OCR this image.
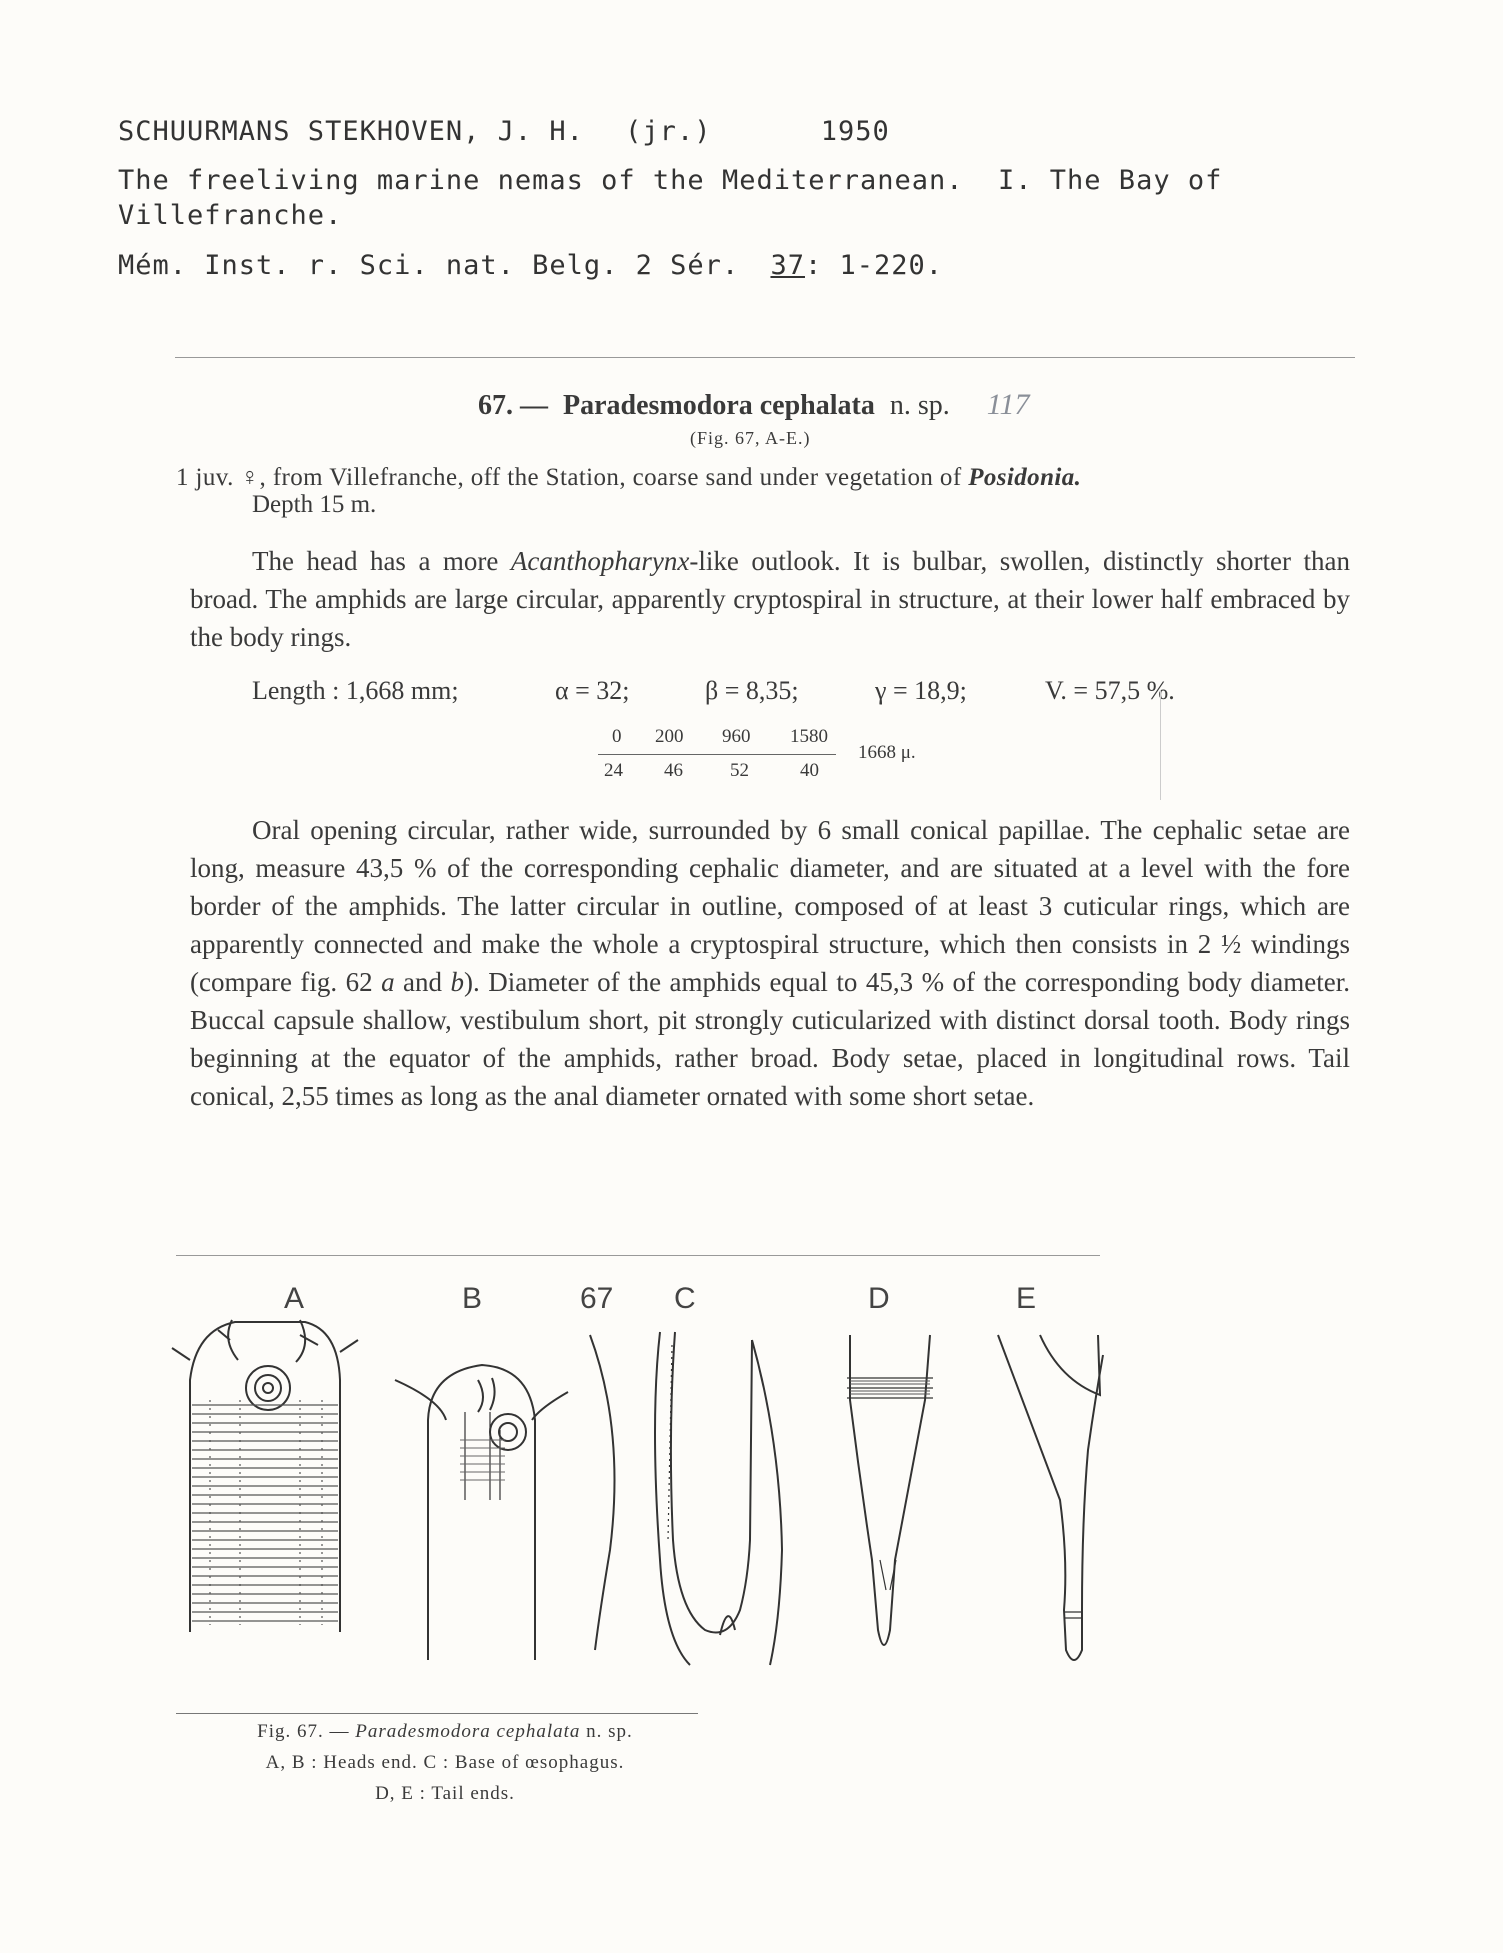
SCHUURMANS STEKHOVEN, J. H. (jr.)	1950
The freeliving marine nemas of the Mediterranean.  I. The Bay of
Villefranche.
Mém. Inst. r. Sci. nat. Belg. 2 Sér. 37: 1-220.
67. — Paradesmodora cephalata n. sp. 117
(Fig. 67, A-E.)
1 juv. ♀, from Villefranche, off the Station, coarse sand under vegetation of Posidonia.
Depth 15 m.

The head has a more Acanthopharynx-like outlook. It is bulbar, swollen, distinctly shorter than broad. The amphids are large circular, apparently cryptospiral in structure, at their lower half embraced by the body rings.

Length : 1,668 mm;	α = 32;	β = 8,35;	γ = 18,9;	V. = 57,5 %.
0 200 960 1580
24 46 52	40
1668 μ.

Oral opening circular, rather wide, surrounded by 6 small conical papillae. The cephalic setae are long, measure 43,5 % of the corresponding cephalic diameter, and are situated at a level with the fore border of the amphids. The latter circular in outline, composed of at least 3 cuticular rings, which are apparently connected and make the whole a cryptospiral structure, which then consists in 2 ½ windings (compare fig. 62 a and b). Diameter of the amphids equal to 45,3 % of the corresponding body diameter. Buccal capsule shallow, vestibulum short, pit strongly cuticularized with distinct dorsal tooth. Body rings beginning at the equator of the amphids, rather broad. Body setae, placed in longitudinal rows. Tail conical, 2,55 times as long as the anal diameter ornated with some short setae.

A	B	67 C	D	E
Fig. 67. — Paradesmodora cephalata n. sp.
A, B : Heads end. C : Base of œsophagus.
D, E : Tail ends.
